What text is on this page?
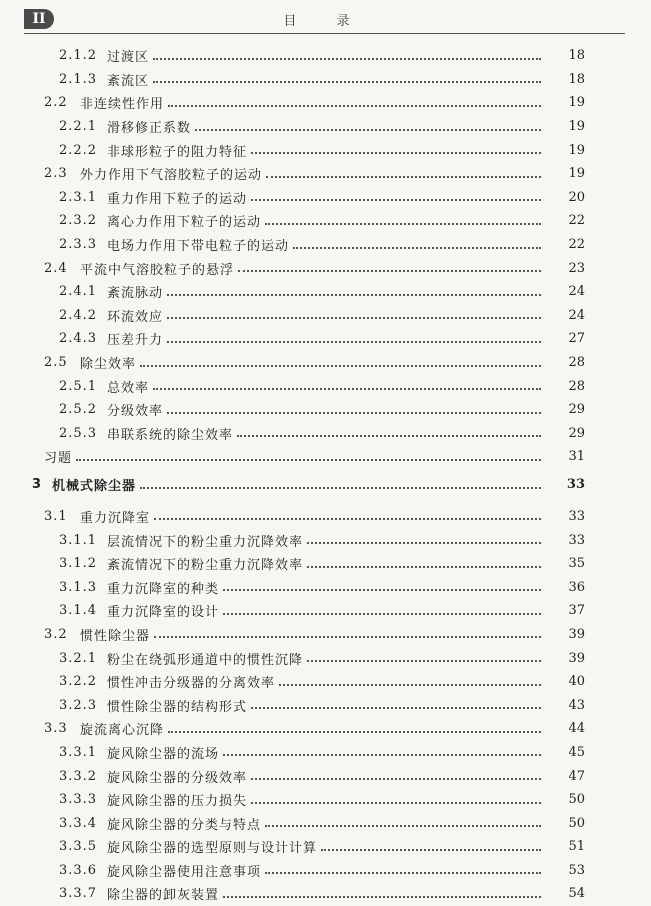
II	目 录
2.1.2 过渡区	18
2.1.3 紊流区	18
2.2 非连续性作用	19
2.2.1 滑移修正系数	19
2.2.2 非球形粒子的阻力特征	19
2.3 外力作用下气溶胶粒子的运动	19
2.3.1 重力作用下粒子的运动	20
2.3.2 离心力作用下粒子的运动	22
2.3.3 电场力作用下带电粒子的运动	22
2.4 平流中气溶胶粒子的悬浮	23
2.4.1 紊流脉动	24
2.4.2 环流效应	24
2.4.3 压差升力	27
2.5 除尘效率	28
2.5.1 总效率	28
2.5.2 分级效率	29
2.5.3 串联系统的除尘效率	29
习题	31
3 机械式除尘器	33
3.1 重力沉降室	33
3.1.1 层流情况下的粉尘重力沉降效率	33
3.1.2 紊流情况下的粉尘重力沉降效率	35
3.1.3 重力沉降室的种类	36
3.1.4 重力沉降室的设计	37
3.2 惯性除尘器	39
3.2.1 粉尘在绕弧形通道中的惯性沉降	39
3.2.2 惯性冲击分级器的分离效率	40
3.2.3 惯性除尘器的结构形式	43
3.3 旋流离心沉降	44
3.3.1 旋风除尘器的流场	45
3.3.2 旋风除尘器的分级效率	47
3.3.3 旋风除尘器的压力损失	50
3.3.4 旋风除尘器的分类与特点	50
3.3.5 旋风除尘器的选型原则与设计计算	51
3.3.6 旋风除尘器使用注意事项	53
3.3.7 除尘器的卸灰装置	54
